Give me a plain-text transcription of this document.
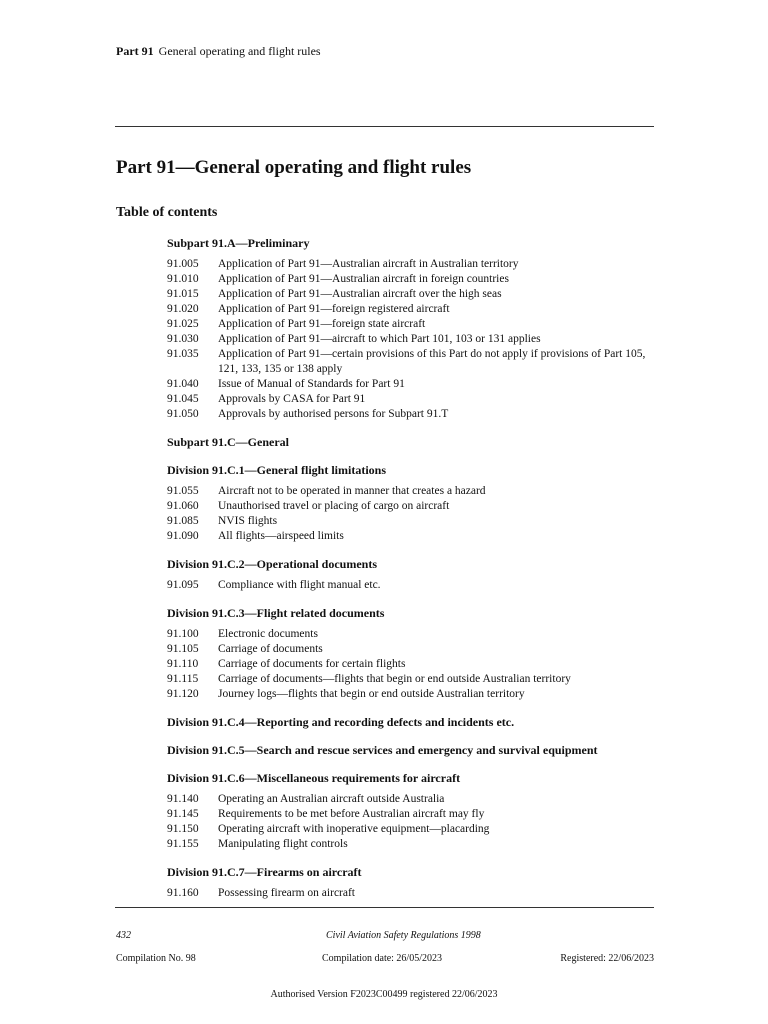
Part 91 General operating and flight rules
Part 91—General operating and flight rules
Table of contents
Subpart 91.A—Preliminary
91.005	Application of Part 91—Australian aircraft in Australian territory
91.010	Application of Part 91—Australian aircraft in foreign countries
91.015	Application of Part 91—Australian aircraft over the high seas
91.020	Application of Part 91—foreign registered aircraft
91.025	Application of Part 91—foreign state aircraft
91.030	Application of Part 91—aircraft to which Part 101, 103 or 131 applies
91.035	Application of Part 91—certain provisions of this Part do not apply if provisions of Part 105, 121, 133, 135 or 138 apply
91.040	Issue of Manual of Standards for Part 91
91.045	Approvals by CASA for Part 91
91.050	Approvals by authorised persons for Subpart 91.T
Subpart 91.C—General
Division 91.C.1—General flight limitations
91.055	Aircraft not to be operated in manner that creates a hazard
91.060	Unauthorised travel or placing of cargo on aircraft
91.085	NVIS flights
91.090	All flights—airspeed limits
Division 91.C.2—Operational documents
91.095	Compliance with flight manual etc.
Division 91.C.3—Flight related documents
91.100	Electronic documents
91.105	Carriage of documents
91.110	Carriage of documents for certain flights
91.115	Carriage of documents—flights that begin or end outside Australian territory
91.120	Journey logs—flights that begin or end outside Australian territory
Division 91.C.4—Reporting and recording defects and incidents etc.
Division 91.C.5—Search and rescue services and emergency and survival equipment
Division 91.C.6—Miscellaneous requirements for aircraft
91.140	Operating an Australian aircraft outside Australia
91.145	Requirements to be met before Australian aircraft may fly
91.150	Operating aircraft with inoperative equipment—placarding
91.155	Manipulating flight controls
Division 91.C.7—Firearms on aircraft
91.160	Possessing firearm on aircraft
432	Civil Aviation Safety Regulations 1998
Compilation No. 98	Compilation date: 26/05/2023	Registered: 22/06/2023
Authorised Version F2023C00499 registered 22/06/2023
